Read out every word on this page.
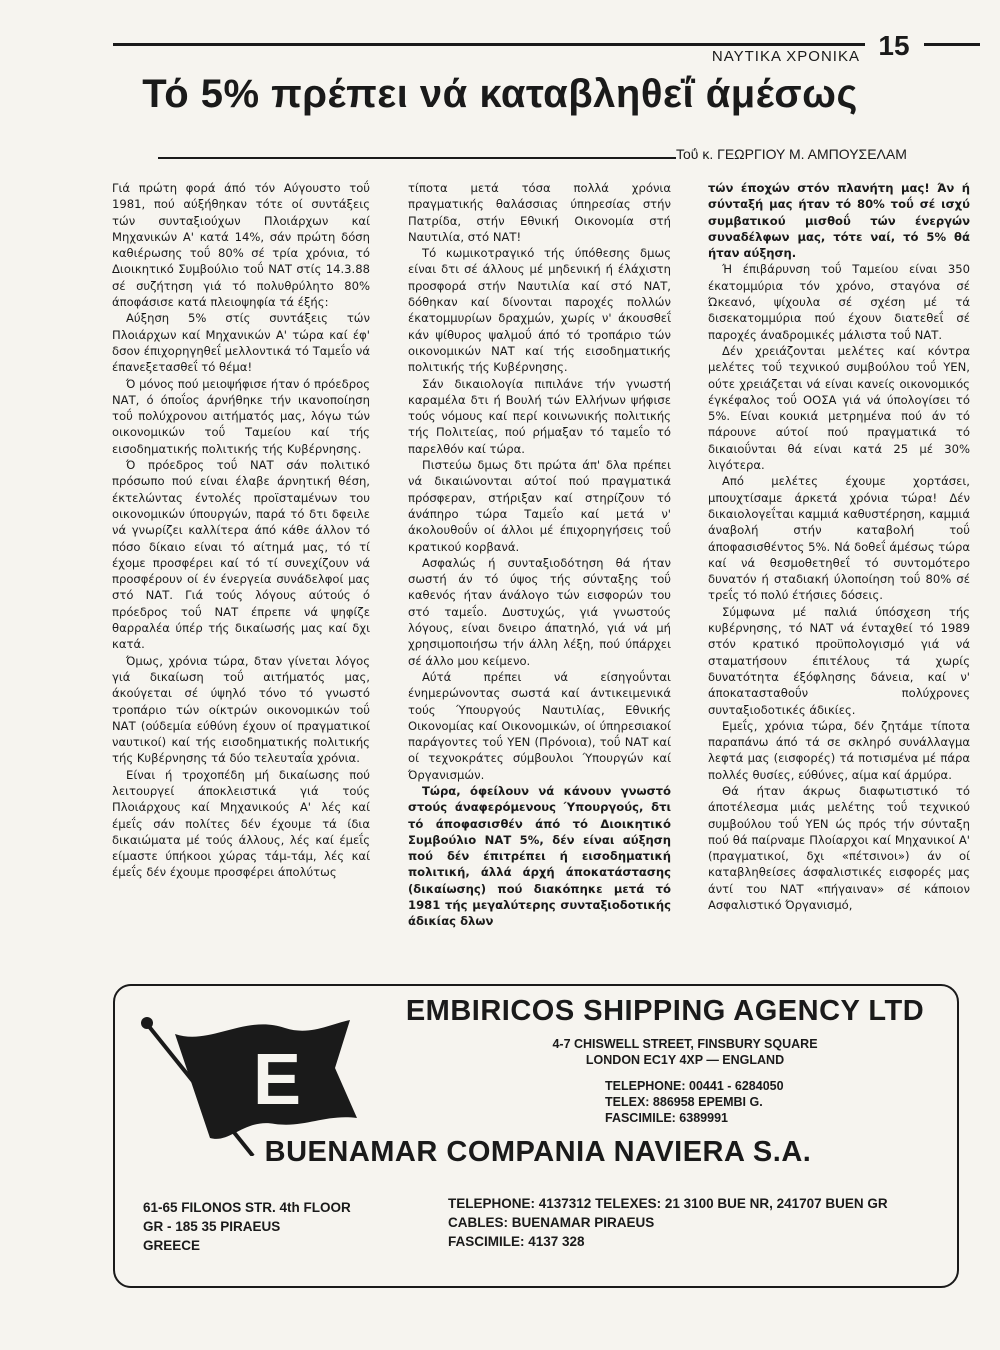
ΝΑΥΤΙΚΑ ΧΡΟΝΙΚΑ 15
Τό 5% πρέπει νά καταβληθεΐ άμέσως
Τοΰ κ. ΓΕΩΡΓΙΟΥ Μ. ΑΜΠΟΥΣΕΛΑΜ

Γιά πρώτη φορά άπό τόν Αύγουστο τοΰ 1981, πού αύξήθηκαν τότε οί συντάξεις τών συνταξιούχων Πλοιάρχων καί Μηχανικών Α' κατά 14%, σάν πρώτη δόση καθιέρωσης τοΰ 80% σέ τρία χρόνια, τό Διοικητικό Συμβούλιο τοΰ ΝΑΤ στίς 14.3.88 σέ συζήτηση γιά τό πολυθρύλητο 80% άποφάσισε κατά πλειοψηφία τά έξής:

Αύξηση 5% στίς συντάξεις τών Πλοιάρχων καί Μηχανικών Α' τώρα καί έφ' δσον έπιχορηγηθεΐ μελλοντικά τό Ταμεΐο νά έπανεξετασθεΐ τό θέμα!

Ό μόνος πού μειοψήφισε ήταν ό πρόεδρος ΝΑΤ, ό όποΐος άρνήθηκε τήν ικανοποίηση τοΰ πολύχρονου αιτήματός μας, λόγω τών οικονομικών τοΰ Ταμείου καί τής εισοδηματικής πολιτικής τής Κυβέρνησης.

Ό πρόεδρος τοΰ ΝΑΤ σάν πολιτικό πρόσωπο πού είναι έλαβε άρνητική θέση, έκτελώντας έντολές προϊσταμένων του οικονομικών ύπουργών, παρά τό δτι δφειλε νά γνωρίζει καλλίτερα άπό κάθε άλλον τό πόσο δίκαιο είναι τό αίτημά μας, τό τί έχομε προσφέρει καί τό τί συνεχίζουν νά προσφέρουν οί έν ένεργεία συνάδελφοί μας στό ΝΑΤ. Γιά τούς λόγους αύτούς ό πρόεδρος τοΰ ΝΑΤ έπρεπε νά ψηφίζε θαρραλέα ύπέρ τής δικαίωσής μας καί δχι κατά.

Όμως, χρόνια τώρα, δταν γίνεται λόγος γιά δικαίωση τοΰ αιτήματός μας, άκούγεται σέ ύψηλό τόνο τό γνωστό τροπάριο τών οίκτρών οικονομικών τοΰ ΝΑΤ (ούδεμία εύθύνη έχουν οί πραγματικοί ναυτικοί) καί τής εισοδηματικής πολιτικής τής Κυβέρνησης τά δύο τελευταΐα χρόνια.

Είναι ή τροχοπέδη μή δικαίωσης πού λειτουργεί άποκλειστικά γιά τούς Πλοιάρχους καί Μηχανικούς Α' λές καί έμεΐς σάν πολίτες δέν έχουμε τά ίδια δικαιώματα μέ τούς άλλους, λές καί έμεΐς είμαστε ύπήκοοι χώρας τάμ-τάμ, λές καί έμεΐς δέν έχουμε προσφέρει άπολύτως

τίποτα μετά τόσα πολλά χρόνια πραγματικής θαλάσσιας ύπηρεσίας στήν Πατρίδα, στήν Εθνική Οικονομία στή Ναυτιλία, στό ΝΑΤ!

Τό κωμικοτραγικό τής ύπόθεσης δμως είναι δτι σέ άλλους μέ μηδενική ή έλάχιστη προσφορά στήν Ναυτιλία καί στό ΝΑΤ, δόθηκαν καί δίνονται παροχές πολλών έκατομμυρίων δραχμών, χωρίς ν' άκουσθεΐ κάν ψίθυρος ψαλμοΰ άπό τό τροπάριο τών οικονομικών ΝΑΤ καί τής εισοδηματικής πολιτικής τής Κυβέρνησης.

Σάν δικαιολογία πιπιλάνε τήν γνωστή καραμέλα δτι ή Βουλή τών Ελλήνων ψήφισε τούς νόμους καί περί κοινωνικής πολιτικής τής Πολιτείας, πού ρήμαξαν τό ταμεΐο τό παρελθόν καί τώρα.

Πιστεύω δμως δτι πρώτα άπ' δλα πρέπει νά δικαιώνονται αύτοί πού πραγματικά πρόσφεραν, στήριξαν καί στηρίζουν τό άνάπηρο τώρα Ταμεΐο καί μετά ν' άκολουθοΰν οί άλλοι μέ έπιχορηγήσεις τοΰ κρατικού κορβανά.

Ασφαλώς ή συνταξιοδότηση θά ήταν σωστή άν τό ύψος τής σύνταξης τοΰ καθενός ήταν άνάλογο τών εισφορών του στό ταμεΐο. Δυστυχώς, γιά γνωστούς λόγους, είναι δνειρο άπατηλό, γιά νά μή χρησιμοποιήσω τήν άλλη λέξη, πού ύπάρχει σέ άλλο μου κείμενο.

Αύτά πρέπει νά είσηγοΰνται ένημερώνοντας σωστά καί άντικειμενικά τούς Ύπουργούς Ναυτιλίας, Εθνικής Οικονομίας καί Οικονομικών, οί ύπηρεσιακοί παράγοντες τοΰ ΥΕΝ (Πρόνοια), τοΰ ΝΑΤ καί οί τεχνοκράτες σύμβουλοι Ύπουργών καί Όργανισμών.

Τώρα, όφείλουν νά κάνουν γνωστό στούς άναφερόμενους Ύπουργούς, δτι τό άποφασισθέν άπό τό Διοικητικό Συμβούλιο ΝΑΤ 5%, δέν είναι αύξηση πού δέν έπιτρέπει ή εισοδηματική πολιτική, άλλά άρχή άποκατάστασης (δικαίωσης) πού διακόπηκε μετά τό 1981 τής μεγαλύτερης συνταξιοδοτικής άδικίας δλων

τών έποχών στόν πλανήτη μας! Άν ή σύνταξή μας ήταν τό 80% τοΰ σέ ισχύ συμβατικού μισθοΰ τών ένεργών συναδέλφων μας, τότε ναί, τό 5% θά ήταν αύξηση.

Ή έπιβάρυνση τοΰ Ταμείου είναι 350 έκατομμύρια τόν χρόνο, σταγόνα σέ Ώκεανό, ψίχουλα σέ σχέση μέ τά δισεκατομμύρια πού έχουν διατεθεΐ σέ παροχές άναδρομικές μάλιστα τοΰ ΝΑΤ.

Δέν χρειάζονται μελέτες καί κόντρα μελέτες τοΰ τεχνικού συμβούλου τοΰ ΥΕΝ, ούτε χρειάζεται νά είναι κανείς οικονομικός έγκέφαλος τοΰ ΟΟΣΑ γιά νά ύπολογίσει τό 5%. Είναι κουκιά μετρημένα πού άν τό πάρουνε αύτοί πού πραγματικά τό δικαιοΰνται θά είναι κατά 25 μέ 30% λιγότερα.

Από μελέτες έχουμε χορτάσει, μπουχτίσαμε άρκετά χρόνια τώρα! Δέν δικαιολογεΐται καμμιά καθυστέρηση, καμμιά άναβολή στήν καταβολή τοΰ άποφασισθέντος 5%. Νά δοθεΐ άμέσως τώρα καί νά θεσμοθετηθεΐ τό συντομότερο δυνατόν ή σταδιακή ύλοποίηση τοΰ 80% σέ τρεΐς τό πολύ έτήσιες δόσεις.

Σύμφωνα μέ παλιά ύπόσχεση τής κυβέρνησης, τό ΝΑΤ νά ένταχθεί τό 1989 στόν κρατικό προϋπολογισμό γιά νά σταματήσουν έπιτέλους τά χωρίς δυνατότητα έξόφλησης δάνεια, καί ν' άποκατασταθοΰν πολύχρονες συνταξιοδοτικές άδικίες.

Εμεΐς, χρόνια τώρα, δέν ζητάμε τίποτα παραπάνω άπό τά σε σκληρό συνάλλαγμα λεφτά μας (εισφορές) τά ποτισμένα μέ πάρα πολλές θυσίες, εύθύνες, αίμα καί άρμύρα.

Θά ήταν άκρως διαφωτιστικό τό άποτέλεσμα μιάς μελέτης τοΰ τεχνικού συμβούλου τοΰ ΥΕΝ ώς πρός τήν σύνταξη πού θά παίρναμε Πλοίαρχοι καί Μηχανικοί Α' (πραγματικοί, δχι «πέτσινοι») άν οί καταβληθείσες άσφαλιστικές εισφορές μας άντί του ΝΑΤ «πήγαιναν» σέ κάποιον Ασφαλιστικό Όργανισμό,

EMBIRICOS SHIPPING AGENCY LTD
E	4-7 CHISWELL STREET, FINSBURY SQUARE
LONDON EC1Y 4XP — ENGLAND
TELEPHONE: 00441 - 6284050
TELEX: 886958 EPEMBI G.
FASCIMILE: 6389991
BUENAMAR COMPANIA NAVIERA S.A.
61-65 FILONOS STR. 4th FLOOR
GR - 185 35 PIRAEUS
GREECE
TELEPHONE: 4137312 TELEXES: 21 3100 BUE NR, 241707 BUEN GR
CABLES: BUENAMAR PIRAEUS
FASCIMILE: 4137 328
